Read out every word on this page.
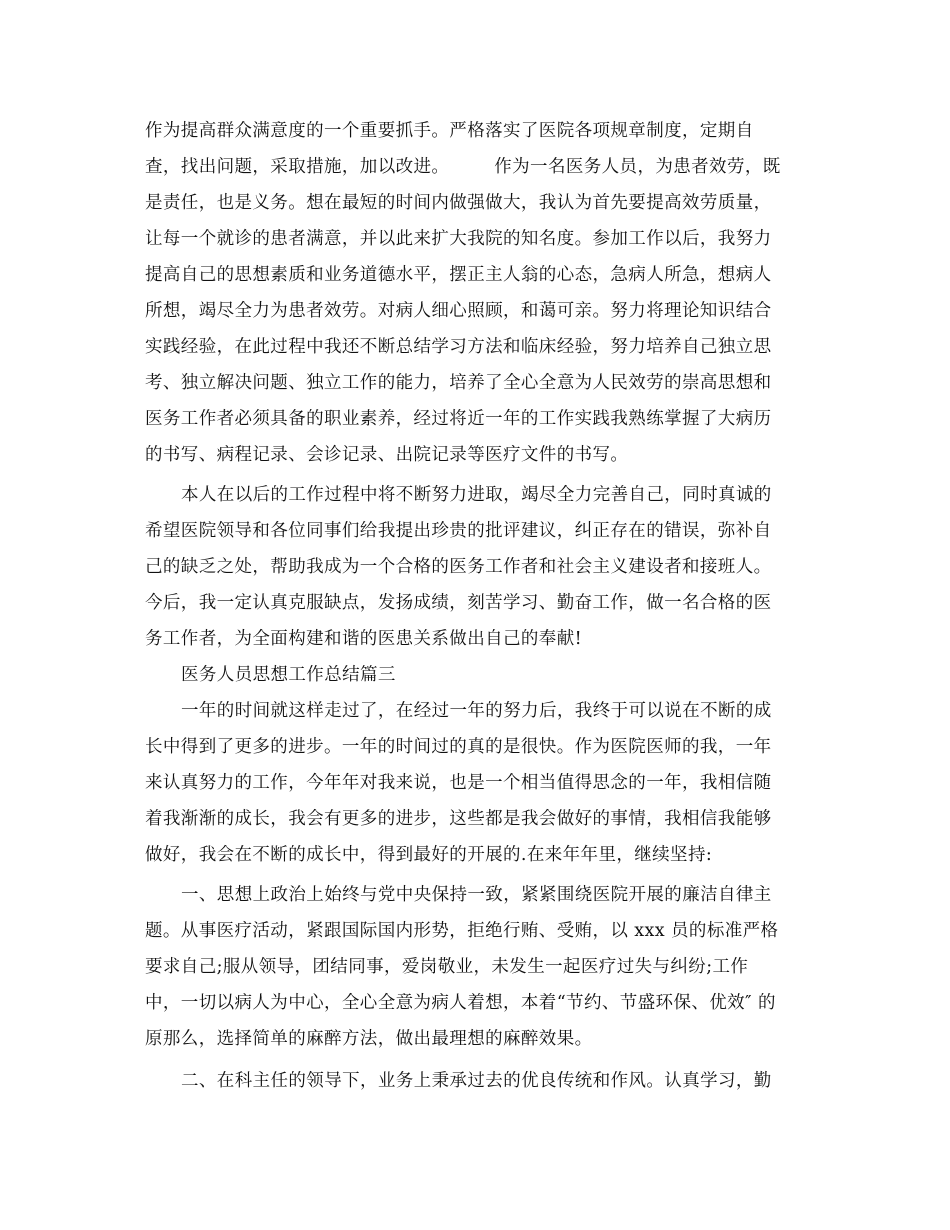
作为提高群众满意度的一个重要抓手。严格落实了医院各项规章制度，定期自
查，找出问题，采取措施，加以改进。　　　作为一名医务人员，为患者效劳，既
是责任，也是义务。想在最短的时间内做强做大，我认为首先要提高效劳质量，
让每一个就诊的患者满意，并以此来扩大我院的知名度。参加工作以后，我努力
提高自己的思想素质和业务道德水平，摆正主人翁的心态，急病人所急，想病人
所想，竭尽全力为患者效劳。对病人细心照顾，和蔼可亲。努力将理论知识结合
实践经验，在此过程中我还不断总结学习方法和临床经验，努力培养自己独立思
考、独立解决问题、独立工作的能力，培养了全心全意为人民效劳的崇高思想和
医务工作者必须具备的职业素养，经过将近一年的工作实践我熟练掌握了大病历
的书写、病程记录、会诊记录、出院记录等医疗文件的书写。
本人在以后的工作过程中将不断努力进取，竭尽全力完善自己，同时真诚的
希望医院领导和各位同事们给我提出珍贵的批评建议，纠正存在的错误，弥补自
己的缺乏之处，帮助我成为一个合格的医务工作者和社会主义建设者和接班人。
今后，我一定认真克服缺点，发扬成绩，刻苦学习、勤奋工作，做一名合格的医
务工作者，为全面构建和谐的医患关系做出自己的奉献!
医务人员思想工作总结篇三
一年的时间就这样走过了，在经过一年的努力后，我终于可以说在不断的成
长中得到了更多的进步。一年的时间过的真的是很快。作为医院医师的我，一年
来认真努力的工作，今年年对我来说，也是一个相当值得思念的一年，我相信随
着我渐渐的成长，我会有更多的进步，这些都是我会做好的事情，我相信我能够
做好，我会在不断的成长中，得到最好的开展的.在来年年里，继续坚持:
一、思想上政治上始终与党中央保持一致，紧紧围绕医院开展的廉洁自律主
题。从事医疗活动，紧跟国际国内形势，拒绝行贿、受贿，以 xxx 员的标准严格
要求自己;服从领导，团结同事，爱岗敬业，未发生一起医疗过失与纠纷;工作
中，一切以病人为中心，全心全意为病人着想，本着“节约、节盛环保、优效″ 的
原那么，选择简单的麻醉方法，做出最理想的麻醉效果。
二、在科主任的领导下，业务上秉承过去的优良传统和作风。认真学习，勤
